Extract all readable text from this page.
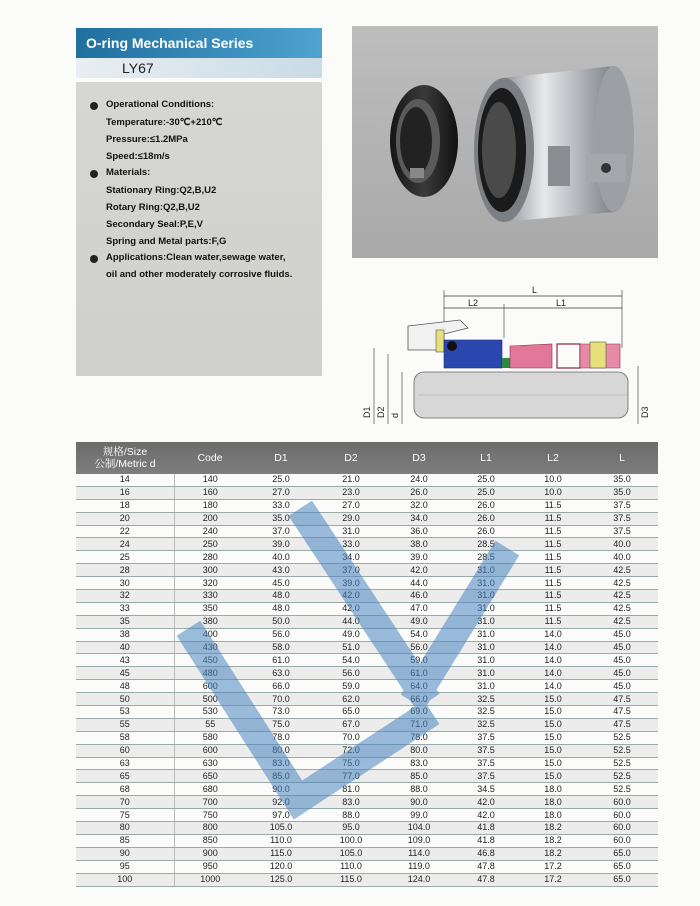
O-ring Mechanical Series
LY67
Operational Conditions:
Temperature:-30℃+210℃
Pressure:≤1.2MPa
Speed:≤18m/s
Materials:
Stationary Ring:Q2,B,U2
Rotary Ring:Q2,B,U2
Secondary Seal:P,E,V
Spring and Metal parts:F,G
Applications:Clean water,sewage water,
oil and other moderately corrosive fluids.
L
L2	L1
D1 D2 d	D3
规格/Size
公制/Metric d	Code	D1	D2	D3	L1	L2	L
14	140	25.0	21.0	24.0	25.0	10.0	35.0
16	160	27.0	23.0	26.0	25.0	10.0	35.0
18	180	33.0	27.0	32.0	26.0	11.5	37.5
20	200	35.0	29.0	34.0	26.0	11.5	37.5
22	240	37.0	31.0	36.0	26.0	11.5	37.5
24	250	39.0	33.0	38.0	28.5	11.5	40.0
25	280	40.0	34.0	39.0	28.5	11.5	40.0
28	300	43.0	37.0	42.0	31.0	11.5	42.5
30	320	45.0	39.0	44.0	31.0	11.5	42.5
32	330	48.0	42.0	46.0	31.0	11.5	42.5
33	350	48.0	42.0	47.0	31.0	11.5	42.5
35	380	50.0	44.0	49.0	31.0	11.5	42.5
38	400	56.0	49.0	54.0	31.0	14.0	45.0
40	430	58.0	51.0	56.0	31.0	14.0	45.0
43	450	61.0	54.0	59.0	31.0	14.0	45.0
45	480	63.0	56.0	61.0	31.0	14.0	45.0
48	600	66.0	59.0	64.0	31.0	14.0	45.0
50	500	70.0	62.0	66.0	32.5	15.0	47.5
53	530	73.0	65.0	69.0	32.5	15.0	47.5
55	55	75.0	67.0	71.0	32.5	15.0	47.5
58	580	78.0	70.0	78.0	37.5	15.0	52.5
60	600	80.0	72.0	80.0	37.5	15.0	52.5
63	630	83.0	75.0	83.0	37.5	15.0	52.5
65	650	85.0	77.0	85.0	37.5	15.0	52.5
68	680	90.0	81.0	88.0	34.5	18.0	52.5
70	700	92.0	83.0	90.0	42.0	18.0	60.0
75	750	97.0	88.0	99.0	42.0	18.0	60.0
80	800	105.0	95.0	104.0	41.8	18.2	60.0
85	850	110.0	100.0	109.0	41.8	18.2	60.0
90	900	115.0	105.0	114.0	46.8	18.2	65.0
95	950	120.0	110.0	119.0	47.8	17.2	65.0
100	1000	125.0	115.0	124.0	47.8	17.2	65.0
